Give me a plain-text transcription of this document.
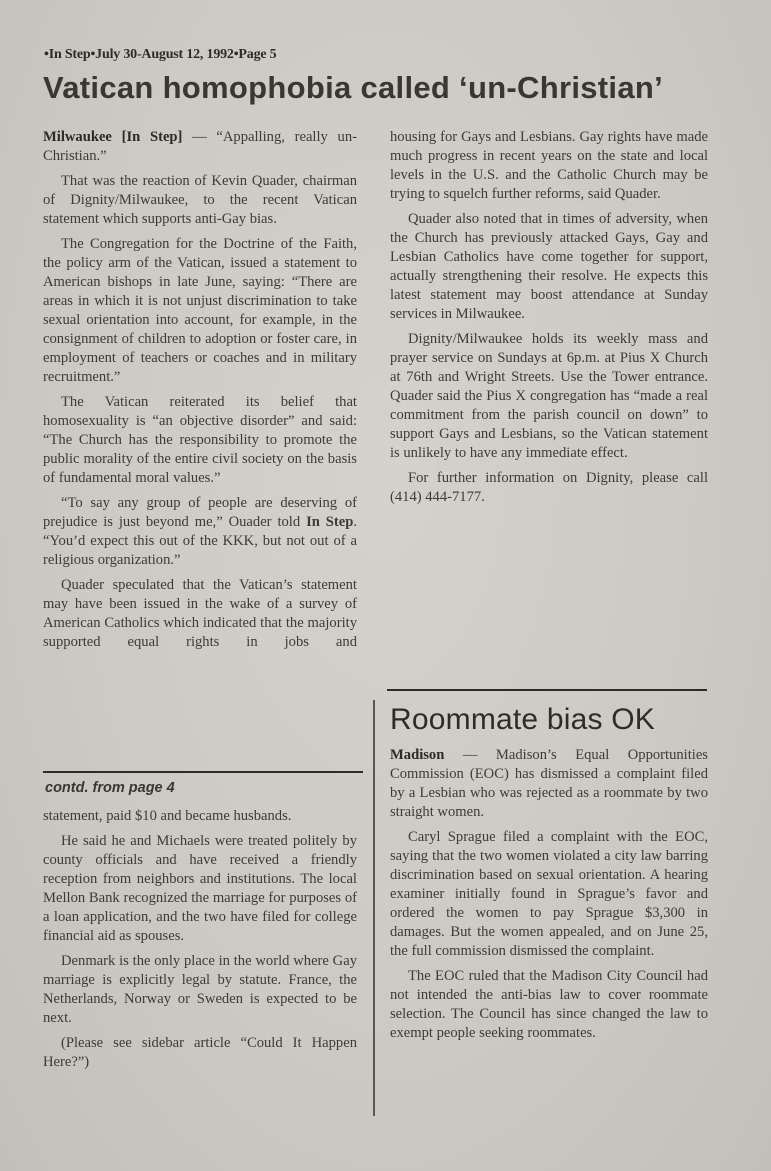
•In Step•July 30-August 12, 1992•Page 5
Vatican homophobia called ‘un-Christian’

Milwaukee [In Step] — “Appalling, really un-Christian.”

That was the reaction of Kevin Quader, chairman of Dignity/Milwaukee, to the recent Vatican statement which supports anti-Gay bias.

The Congregation for the Doctrine of the Faith, the policy arm of the Vatican, issued a statement to American bishops in late June, saying: “There are areas in which it is not unjust discrimination to take sexual orientation into account, for example, in the consignment of children to adoption or foster care, in employment of teachers or coaches and in military recruitment.”

The Vatican reiterated its belief that homosexuality is “an objective disorder” and said: “The Church has the responsibility to promote the public morality of the entire civil society on the basis of fundamental moral values.”

“To say any group of people are deserving of prejudice is just beyond me,” Ouader told In Step. “You’d expect this out of the KKK, but not out of a religious organization.”

Quader speculated that the Vatican’s statement may have been issued in the wake of a survey of American Catholics which indicated that the majority supported equal rights in jobs and

housing for Gays and Lesbians. Gay rights have made much progress in recent years on the state and local levels in the U.S. and the Catholic Church may be trying to squelch further reforms, said Quader.

Quader also noted that in times of adversity, when the Church has previously attacked Gays, Gay and Lesbian Catholics have come together for support, actually strengthening their resolve. He expects this latest statement may boost attendance at Sunday services in Milwaukee.

Dignity/Milwaukee holds its weekly mass and prayer service on Sundays at 6p.m. at Pius X Church at 76th and Wright Streets. Use the Tower entrance. Quader said the Pius X congregation has “made a real commitment from the parish council on down” to support Gays and Lesbians, so the Vatican statement is unlikely to have any immediate effect.

For further information on Dignity, please call (414) 444-7177.

contd. from page 4

statement, paid $10 and became husbands.

He said he and Michaels were treated politely by county officials and have received a friendly reception from neighbors and institutions. The local Mellon Bank recognized the marriage for purposes of a loan application, and the two have filed for college financial aid as spouses.

Denmark is the only place in the world where Gay marriage is explicitly legal by statute. France, the Netherlands, Norway or Sweden is expected to be next.

(Please see sidebar article “Could It Happen Here?”)

Roommate bias OK

Madison — Madison’s Equal Opportunities Commission (EOC) has dismissed a complaint filed by a Lesbian who was rejected as a roommate by two straight women.

Caryl Sprague filed a complaint with the EOC, saying that the two women violated a city law barring discrimination based on sexual orientation. A hearing examiner initially found in Sprague’s favor and ordered the women to pay Sprague $3,300 in damages. But the women appealed, and on June 25, the full commission dismissed the complaint.

The EOC ruled that the Madison City Council had not intended the anti-bias law to cover roommate selection. The Council has since changed the law to exempt people seeking roommates.
